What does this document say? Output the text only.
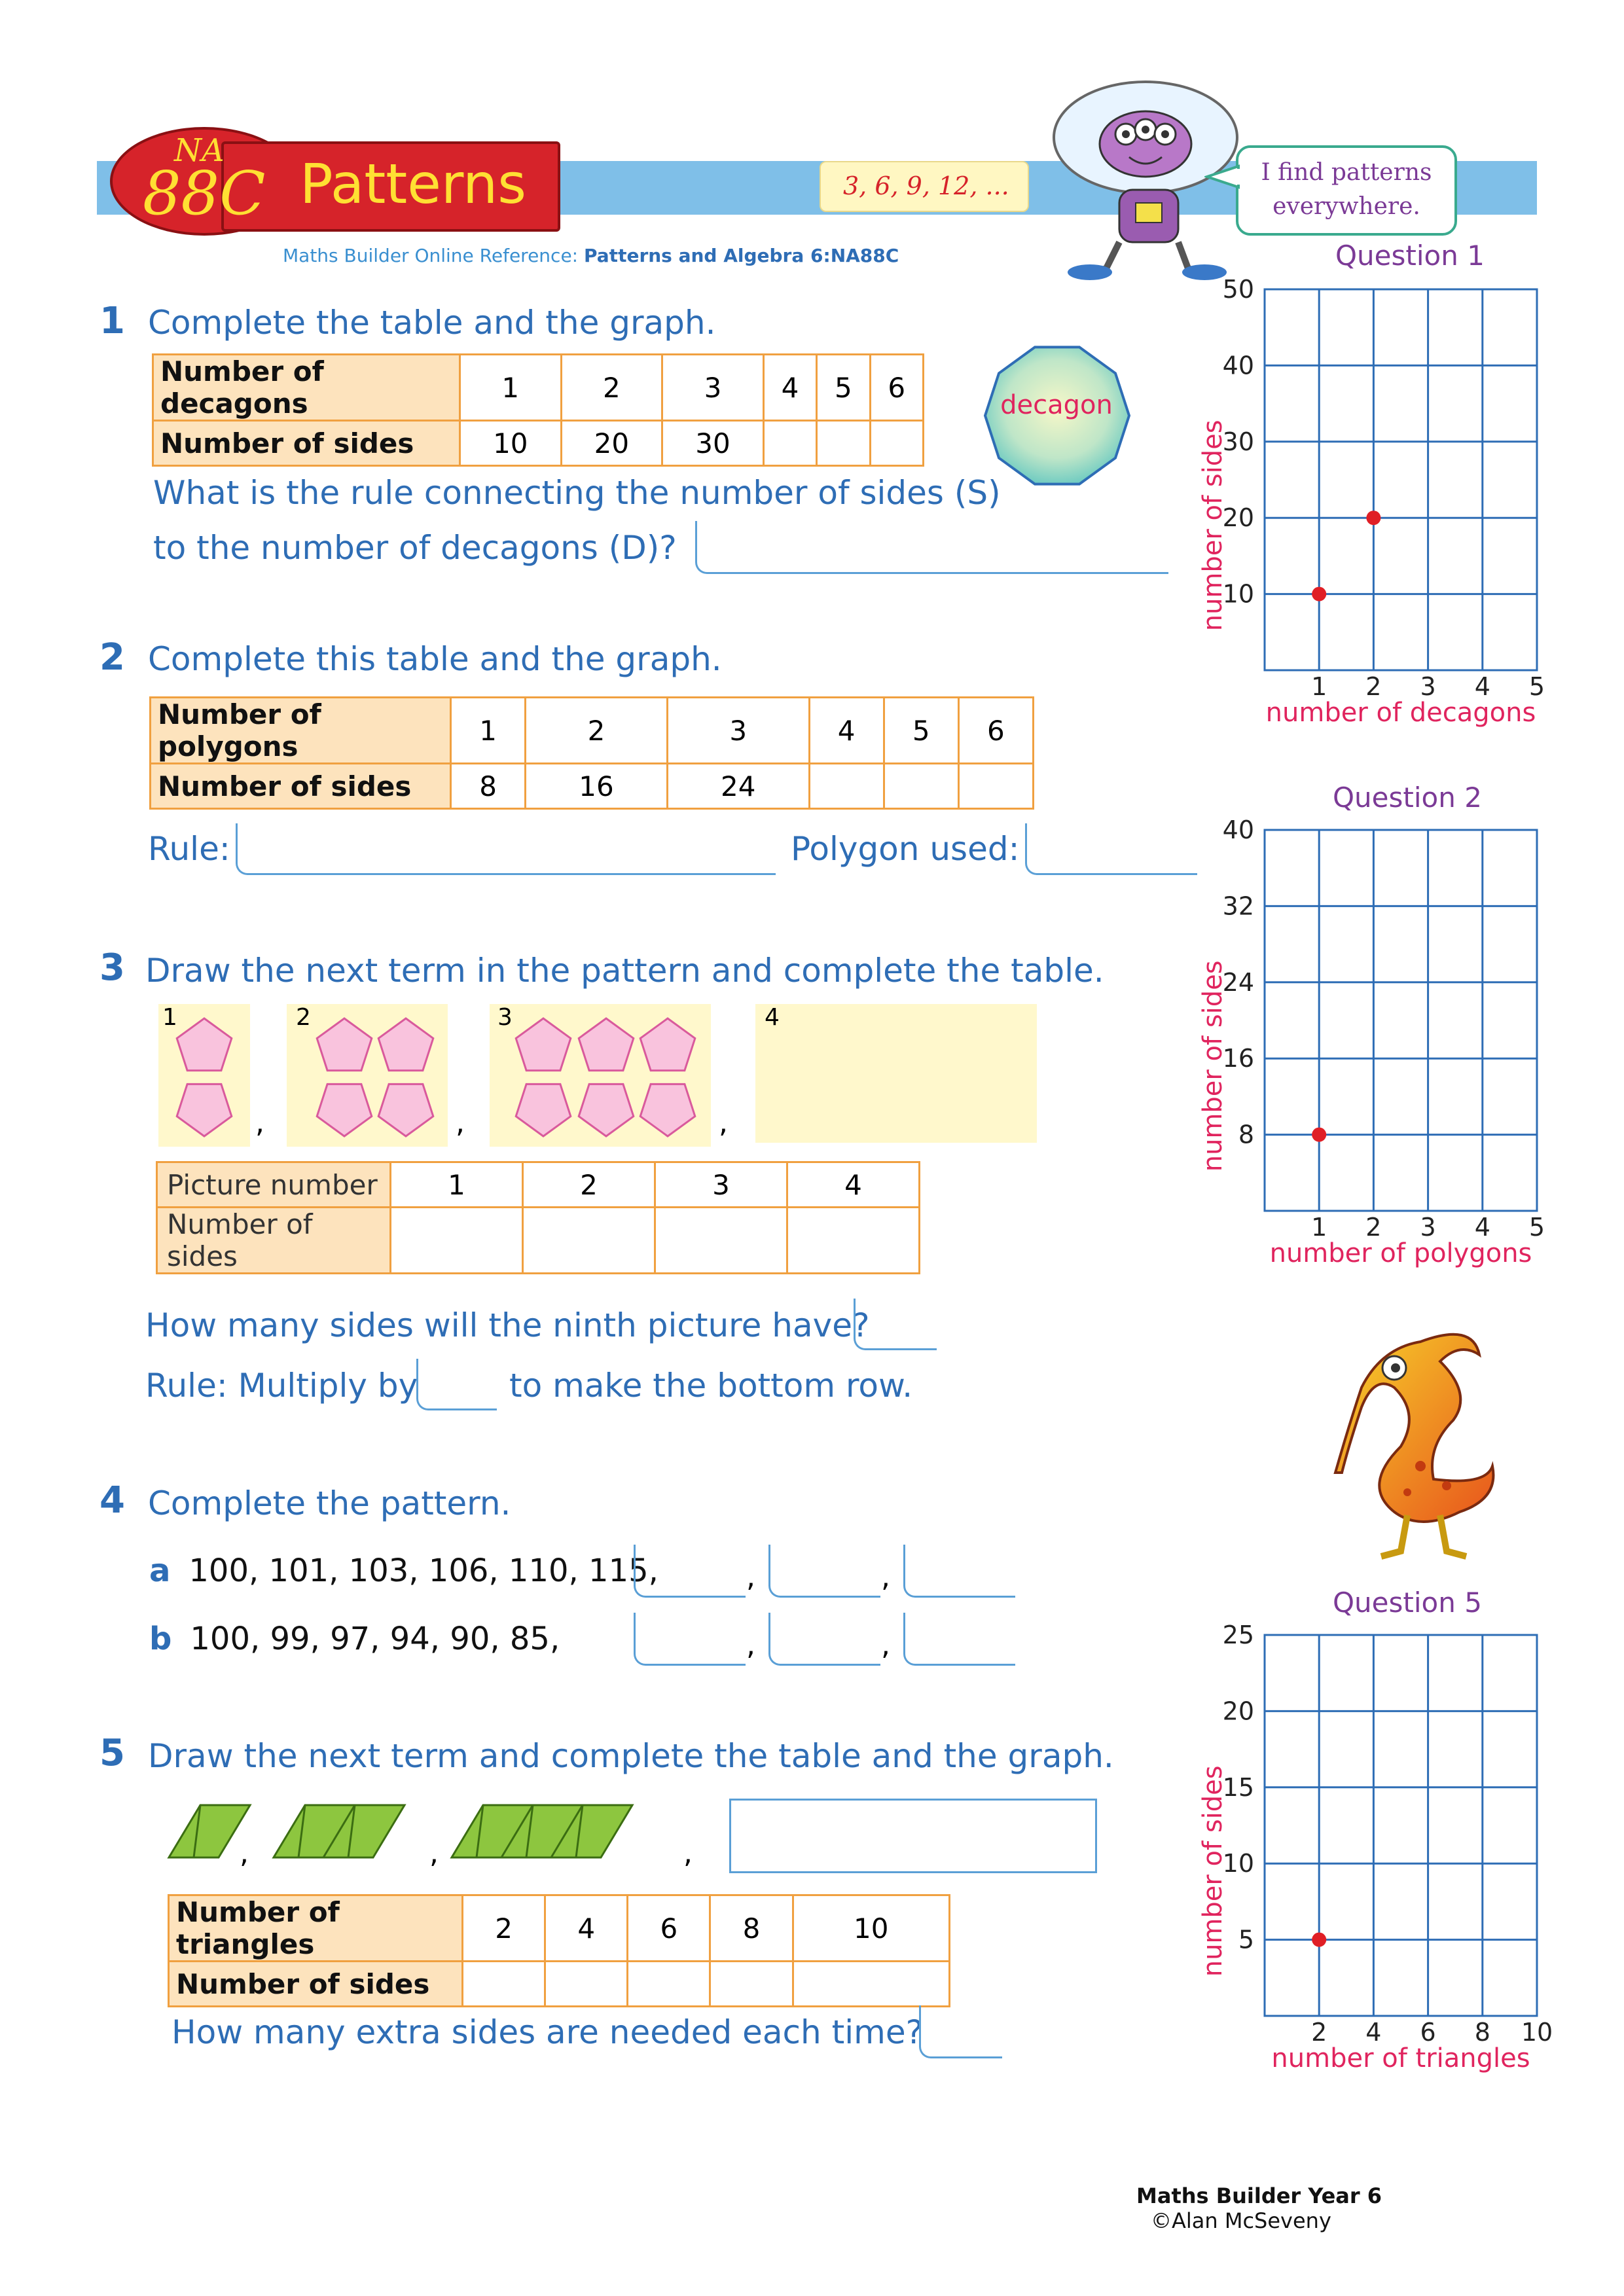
NA
88C Patterns	3, 6, 9, 12, ...	I find patterns everywhere.
Maths Builder Online Reference: Patterns and Algebra 6:NA88C
1 Complete the table and the graph.
Number of decagons	1	2	3	4	5	6
Number of sides	10	20	30			
decagon
What is the rule connecting the number of sides (S)
to the number of decagons (D)?
2 Complete this table and the graph.
Number of polygons	1	2	3	4	5	6
Number of sides	8	16	24			
Rule:	Polygon used:
3 Draw the next term in the pattern and complete the table.
1	2	3	4
,	,	,
Picture number	1	2	3	4
Number of sides				
How many sides will the ninth picture have?
Rule: Multiply by	to make the bottom row.
4 Complete the pattern.
a 100, 101, 103, 106, 110, 115,	,	,
b 100, 99, 97, 94, 90, 85,	,	,
5 Draw the next term and complete the table and the graph.
,	,	,
Number of triangles	2	4	6	8	10
Number of sides					
How many extra sides are needed each time?
Question 1
Question 2
Question 5
50
40
30
20
10
1 2 3 4 5
number of decagons
number of sides
40
32
24
16
8
1 2 3 4 5
number of polygons
number of sides
25
20
15
10
5
2 4 6 8 10
number of triangles
number of sides
Maths Builder Year 6
©Alan McSeveny
